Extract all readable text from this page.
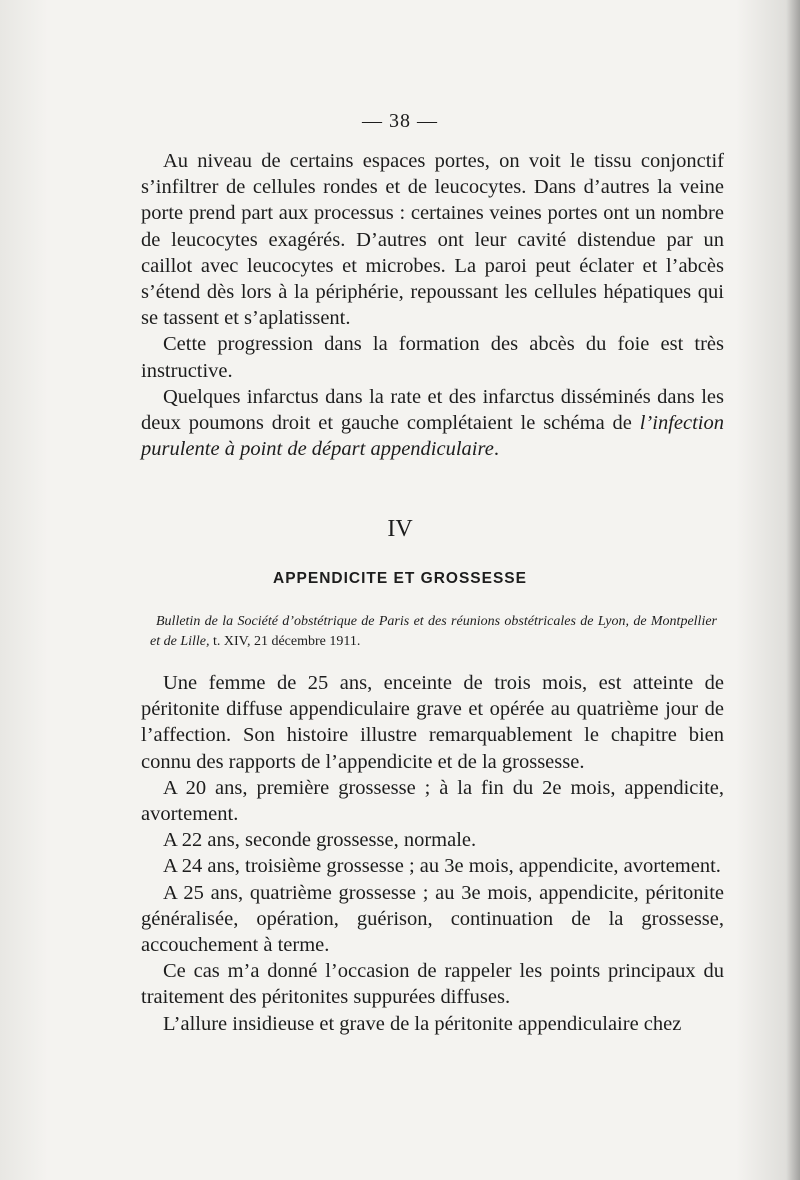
— 38 —

Au niveau de certains espaces portes, on voit le tissu conjonctif s’infiltrer de cellules rondes et de leucocytes. Dans d’autres la veine porte prend part aux processus : certaines veines portes ont un nombre de leucocytes exagérés. D’autres ont leur cavité distendue par un caillot avec leucocytes et microbes. La paroi peut éclater et l’abcès s’étend dès lors à la périphérie, repoussant les cellules hépatiques qui se tassent et s’aplatissent.

Cette progression dans la formation des abcès du foie est très instructive.

Quelques infarctus dans la rate et des infarctus disséminés dans les deux poumons droit et gauche complétaient le schéma de l’infection purulente à point de départ appendiculaire.

IV
APPENDICITE ET GROSSESSE
Bulletin de la Société d’obstétrique de Paris et des réunions obstétricales de Lyon, de Montpellier et de Lille, t. XIV, 21 décembre 1911.

Une femme de 25 ans, enceinte de trois mois, est atteinte de péritonite diffuse appendiculaire grave et opérée au quatrième jour de l’affection. Son histoire illustre remarquablement le chapitre bien connu des rapports de l’appendicite et de la grossesse.

A 20 ans, première grossesse ; à la fin du 2e mois, appendicite, avortement.

A 22 ans, seconde grossesse, normale.

A 24 ans, troisième grossesse ; au 3e mois, appendicite, avortement.

A 25 ans, quatrième grossesse ; au 3e mois, appendicite, péritonite généralisée, opération, guérison, continuation de la grossesse, accouchement à terme.

Ce cas m’a donné l’occasion de rappeler les points principaux du traitement des péritonites suppurées diffuses.

L’allure insidieuse et grave de la péritonite appendiculaire chez
